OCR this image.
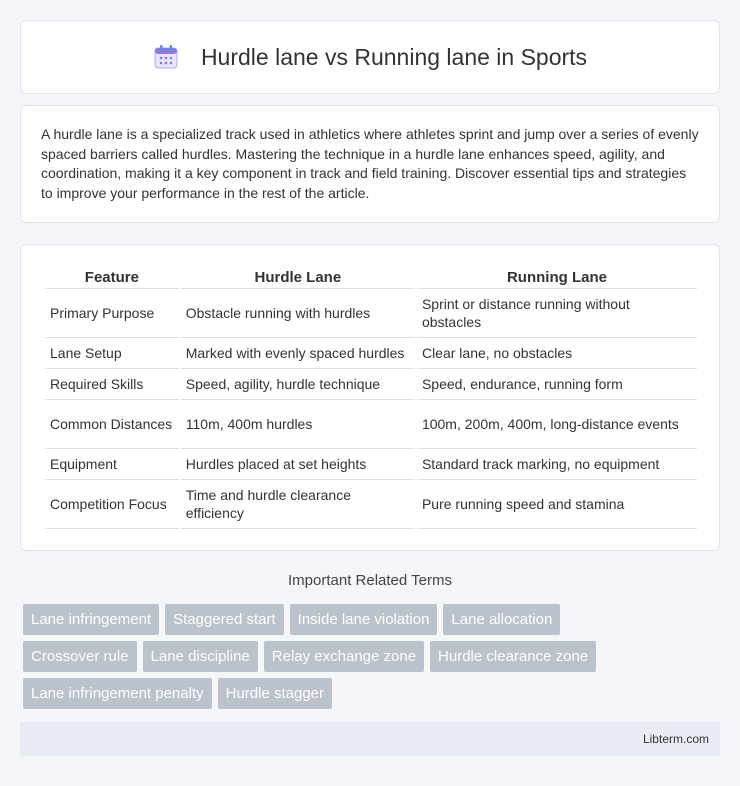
Hurdle lane vs Running lane in Sports

A hurdle lane is a specialized track used in athletics where athletes sprint and jump over a series of evenly spaced barriers called hurdles. Mastering the technique in a hurdle lane enhances speed, agility, and coordination, making it a key component in track and field training. Discover essential tips and strategies to improve your performance in the rest of the article.

Feature	Hurdle Lane	Running Lane
Primary Purpose	Obstacle running with hurdles	Sprint or distance running without obstacles
Lane Setup	Marked with evenly spaced hurdles	Clear lane, no obstacles
Required Skills	Speed, agility, hurdle technique	Speed, endurance, running form
Common Distances	110m, 400m hurdles	100m, 200m, 400m, long-distance events
Equipment	Hurdles placed at set heights	Standard track marking, no equipment
Competition Focus	Time and hurdle clearance efficiency	Pure running speed and stamina
Important Related Terms
Lane infringement	Staggered start	Inside lane violation	Lane allocation
Crossover rule	Lane discipline	Relay exchange zone	Hurdle clearance zone
Lane infringement penalty	Hurdle stagger
Libterm.com
